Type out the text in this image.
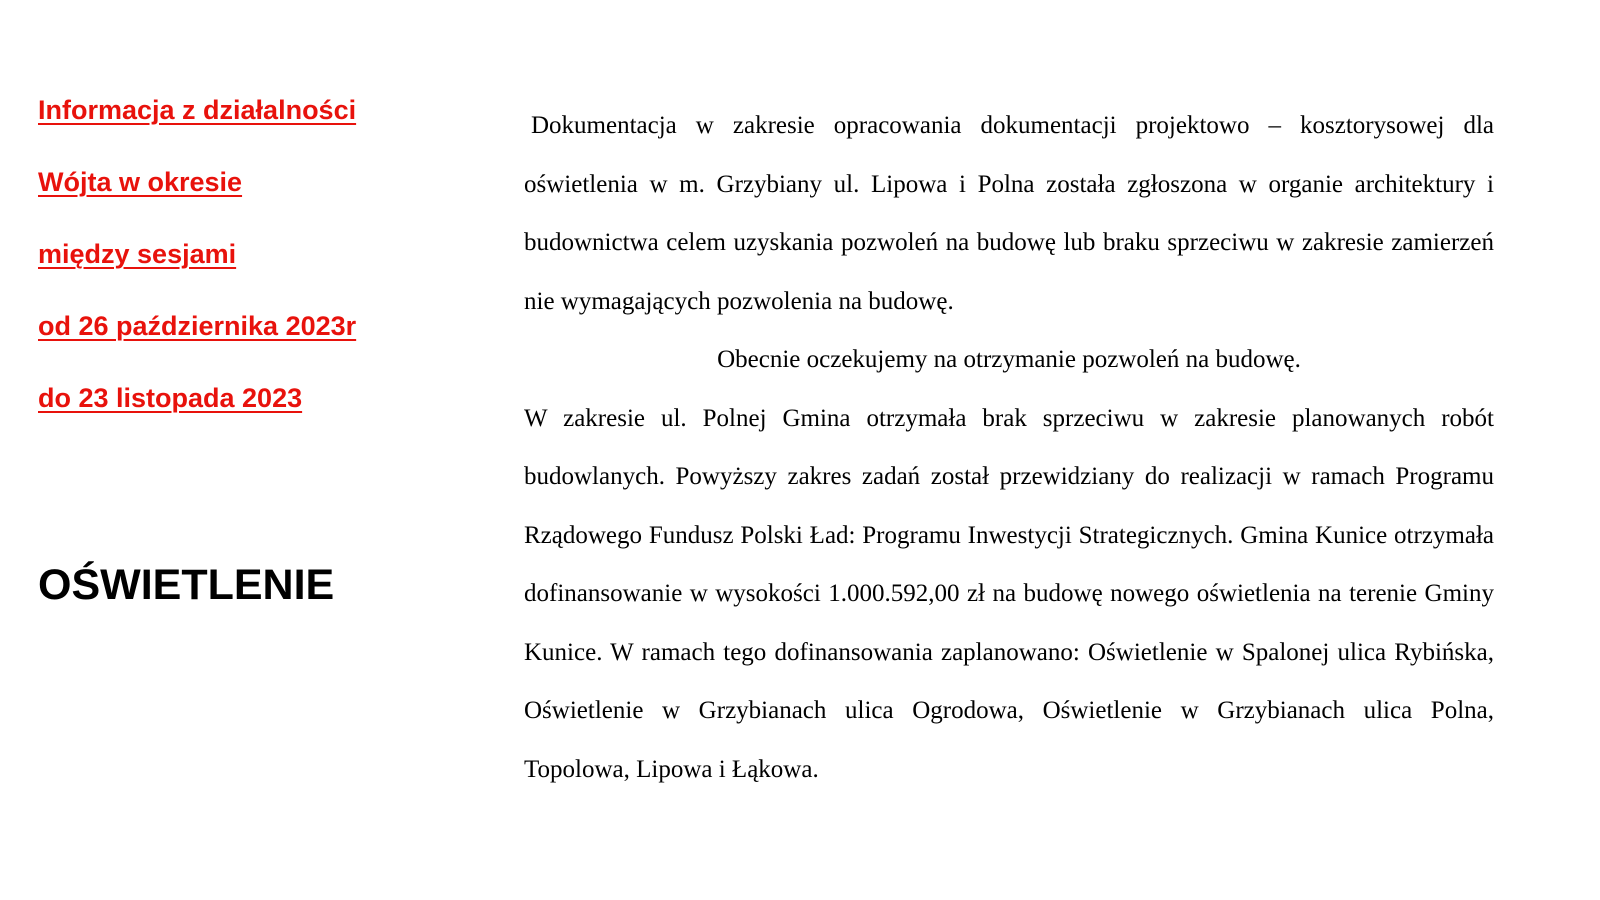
Informacja z działalności

Wójta w okresie

między sesjami

od 26 października 2023r

do 23 listopada 2023

OŚWIETLENIE

Dokumentacja w zakresie opracowania dokumentacji projektowo – kosztorysowej dla oświetlenia w m. Grzybiany ul. Lipowa i Polna została zgłoszona w organie architektury i budownictwa celem uzyskania pozwoleń na budowę lub braku sprzeciwu w zakresie zamierzeń nie wymagających pozwolenia na budowę.

Obecnie oczekujemy na otrzymanie pozwoleń na budowę.

W zakresie ul. Polnej Gmina otrzymała brak sprzeciwu w zakresie planowanych robót budowlanych. Powyższy zakres zadań został przewidziany do realizacji w ramach Programu Rządowego Fundusz Polski Ład: Programu Inwestycji Strategicznych. Gmina Kunice otrzymała dofinansowanie w wysokości 1.000.592,00 zł na budowę nowego oświetlenia na terenie Gminy Kunice. W ramach tego dofinansowania zaplanowano: Oświetlenie w Spalonej ulica Rybińska, Oświetlenie w Grzybianach ulica Ogrodowa, Oświetlenie w Grzybianach ulica Polna, Topolowa, Lipowa i Łąkowa.
